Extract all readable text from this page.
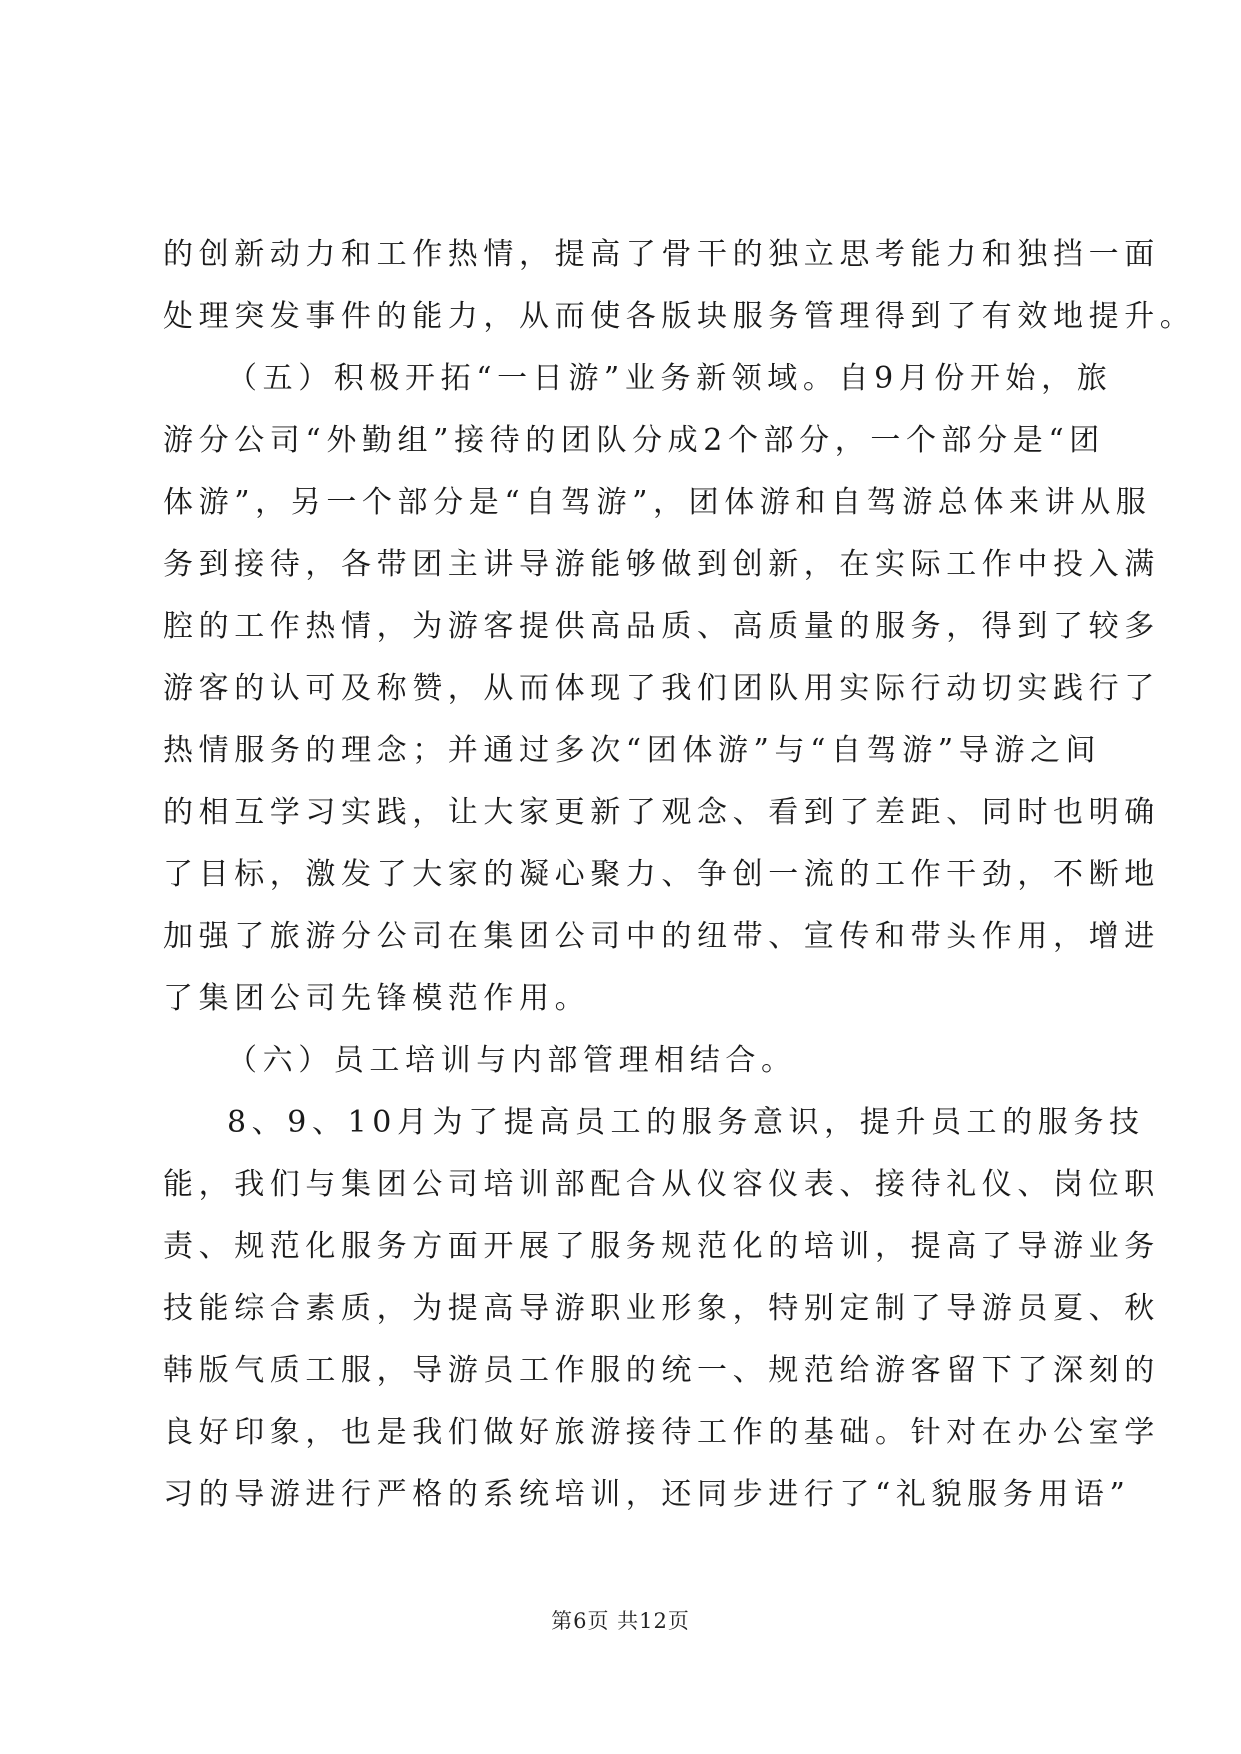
的创新动力和工作热情，提高了骨干的独立思考能力和独挡一面
处理突发事件的能力，从而使各版块服务管理得到了有效地提升。
（五）积极开拓“一日游”业务新领域。自9月份开始，旅
游分公司“外勤组”接待的团队分成2个部分，一个部分是“团
体游”，另一个部分是“自驾游”，团体游和自驾游总体来讲从服
务到接待，各带团主讲导游能够做到创新，在实际工作中投入满
腔的工作热情，为游客提供高品质、高质量的服务，得到了较多
游客的认可及称赞，从而体现了我们团队用实际行动切实践行了
热情服务的理念；并通过多次“团体游”与“自驾游”导游之间
的相互学习实践，让大家更新了观念、看到了差距、同时也明确
了目标，激发了大家的凝心聚力、争创一流的工作干劲，不断地
加强了旅游分公司在集团公司中的纽带、宣传和带头作用，增进
了集团公司先锋模范作用。
（六）员工培训与内部管理相结合。
8、9、10月为了提高员工的服务意识，提升员工的服务技
能，我们与集团公司培训部配合从仪容仪表、接待礼仪、岗位职
责、规范化服务方面开展了服务规范化的培训，提高了导游业务
技能综合素质，为提高导游职业形象，特别定制了导游员夏、秋
韩版气质工服，导游员工作服的统一、规范给游客留下了深刻的
良好印象，也是我们做好旅游接待工作的基础。针对在办公室学
习的导游进行严格的系统培训，还同步进行了“礼貌服务用语”
第6页 共12页
